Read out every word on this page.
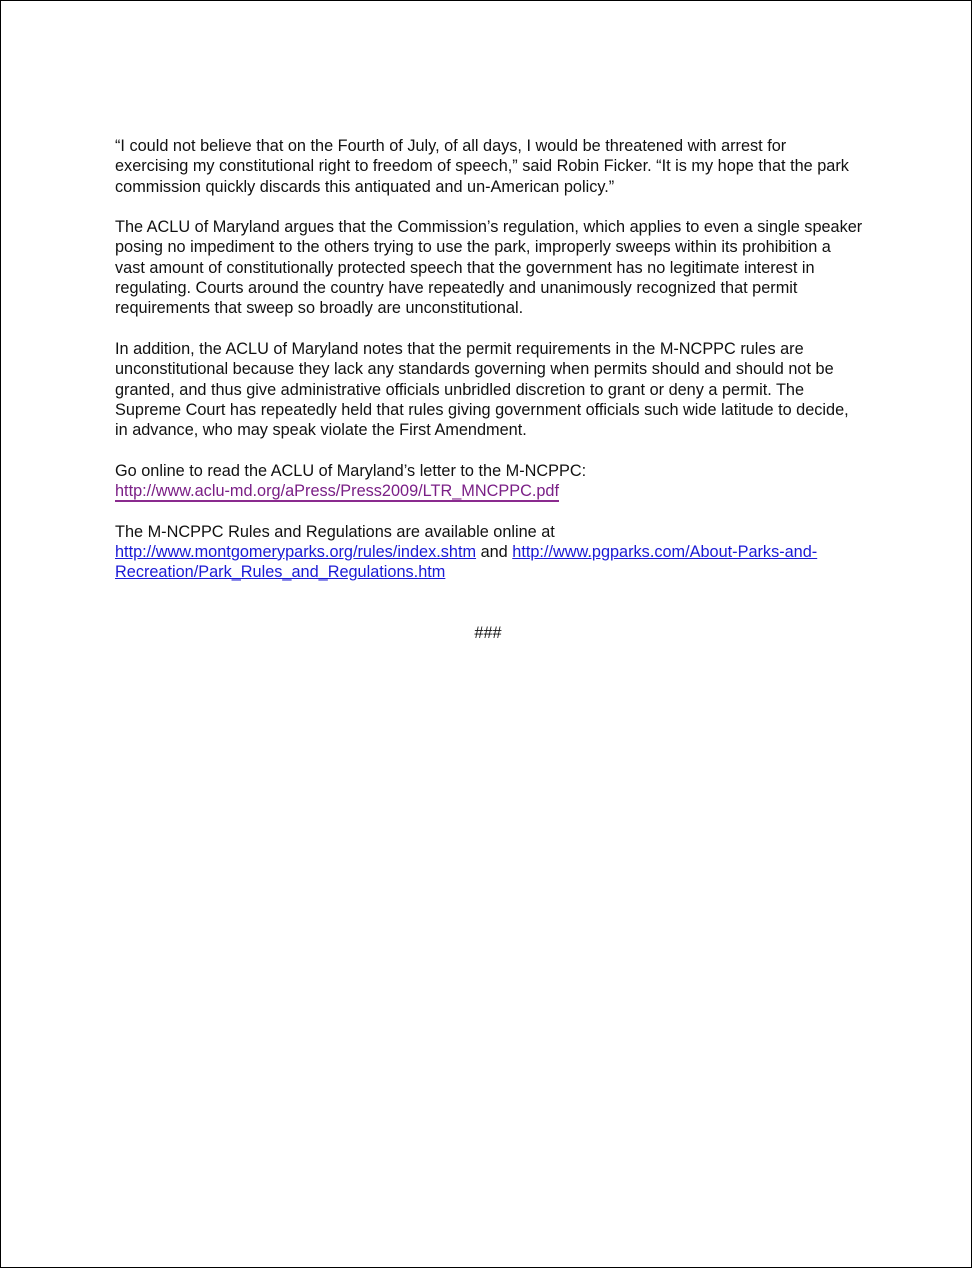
“I could not believe that on the Fourth of July, of all days, I would be threatened with arrest for exercising my constitutional right to freedom of speech,” said Robin Ficker. “It is my hope that the park commission quickly discards this antiquated and un-American policy.”

The ACLU of Maryland argues that the Commission’s regulation, which applies to even a single speaker posing no impediment to the others trying to use the park, improperly sweeps within its prohibition a vast amount of constitutionally protected speech that the government has no legitimate interest in regulating. Courts around the country have repeatedly and unanimously recognized that permit requirements that sweep so broadly are unconstitutional.

In addition, the ACLU of Maryland notes that the permit requirements in the M-NCPPC rules are unconstitutional because they lack any standards governing when permits should and should not be granted, and thus give administrative officials unbridled discretion to grant or deny a permit. The Supreme Court has repeatedly held that rules giving government officials such wide latitude to decide, in advance, who may speak violate the First Amendment.

Go online to read the ACLU of Maryland’s letter to the M-NCPPC:
http://www.aclu-md.org/aPress/Press2009/LTR_MNCPPC.pdf

The M-NCPPC Rules and Regulations are available online at
http://www.montgomeryparks.org/rules/index.shtm and http://www.pgparks.com/About-Parks-and-Recreation/Park_Rules_and_Regulations.htm

###
